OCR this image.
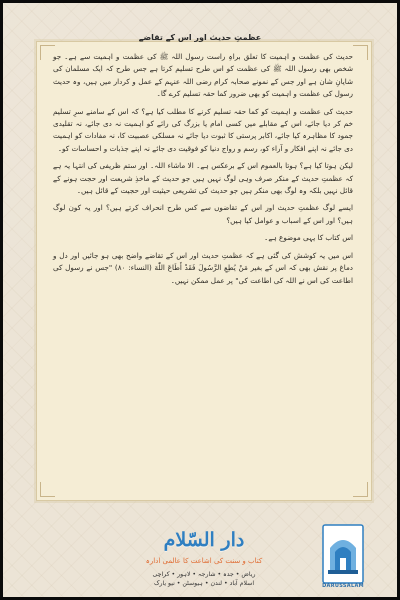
عظمتِ حدیث اور اس کے تقاضے

حدیث کی عظمت و اہمیت کا تعلق براہِ راست رسول اللہ ﷺ کی عظمت و اہمیت سے ہے۔ جو شخص بھی رسول اللہ ﷺ کی عظمت کو اس طرح تسلیم کرتا ہے جس طرح کہ ایک مسلمان کی شایانِ شان ہے اور جس کے نمونے صحابہ کرام رضی اللہ عنہم کے عمل و کردار میں ہیں، وہ حدیث رسول کی عظمت و اہمیت کو بھی ضرور کما حقہ تسلیم کرے گا۔

حدیث کی عظمت و اہمیت کو کما حقہ تسلیم کرنے کا مطلب کیا ہے؟ کہ اس کے سامنے سرِ تسلیم خم کر دیا جائے، اس کے مقابلے میں کسی امام یا بزرگ کی رائے کو اہمیت نہ دی جائے، نہ تقلیدی جمود کا مظاہرہ کیا جائے، اکابر پرستی کا ثبوت دیا جائے نہ مسلکی عصبیت کا، نہ مفادات کو اہمیت دی جائے نہ اپنے افکار و آراء کو، رسم و رواج دنیا کو فوقیت دی جائے نہ اپنے جذبات و احساسات کو۔

لیکن ہوتا کیا ہے؟ ہوتا بالعموم اس کے برعکس ہے۔ الا ماشاء اللہ۔ اور ستم ظریفی کی انتہا یہ ہے کہ عظمتِ حدیث کے منکر صرف وہی لوگ نہیں ہیں جو حدیث کے ماخذِ شریعت اور حجت ہونے کے قائل نہیں بلکہ وہ لوگ بھی منکر ہیں جو حدیث کی تشریعی حیثیت اور حجیت کے قائل ہیں۔

ایسے لوگ عظمتِ حدیث اور اس کے تقاضوں سے کس طرح انحراف کرتے ہیں؟ اور یہ کون لوگ ہیں؟ اور اس کے اسباب و عوامل کیا ہیں؟

اس کتاب کا یہی موضوع ہے۔

اس میں یہ کوشش کی گئی ہے کہ عظمتِ حدیث اور اس کے تقاضے واضح بھی ہو جائیں اور دل و دماغ پر نقش بھی کہ اس کے بغیر مَنْ يُطِعِ الرَّسُولَ فَقَدْ أَطَاعَ اللّٰهَ (النساء: ۸۰) "جس نے رسول کی اطاعت کی اس نے اللہ کی اطاعت کی" پر عمل ممکن نہیں۔

دار السّلام
کتاب و سنت کی اشاعت کا عالمی ادارہ
ریاض • جدہ • شارجہ • لاہور • کراچی
اسلام آباد • لندن • ہیوسٹن • نیو یارک	DARUSSALAM
